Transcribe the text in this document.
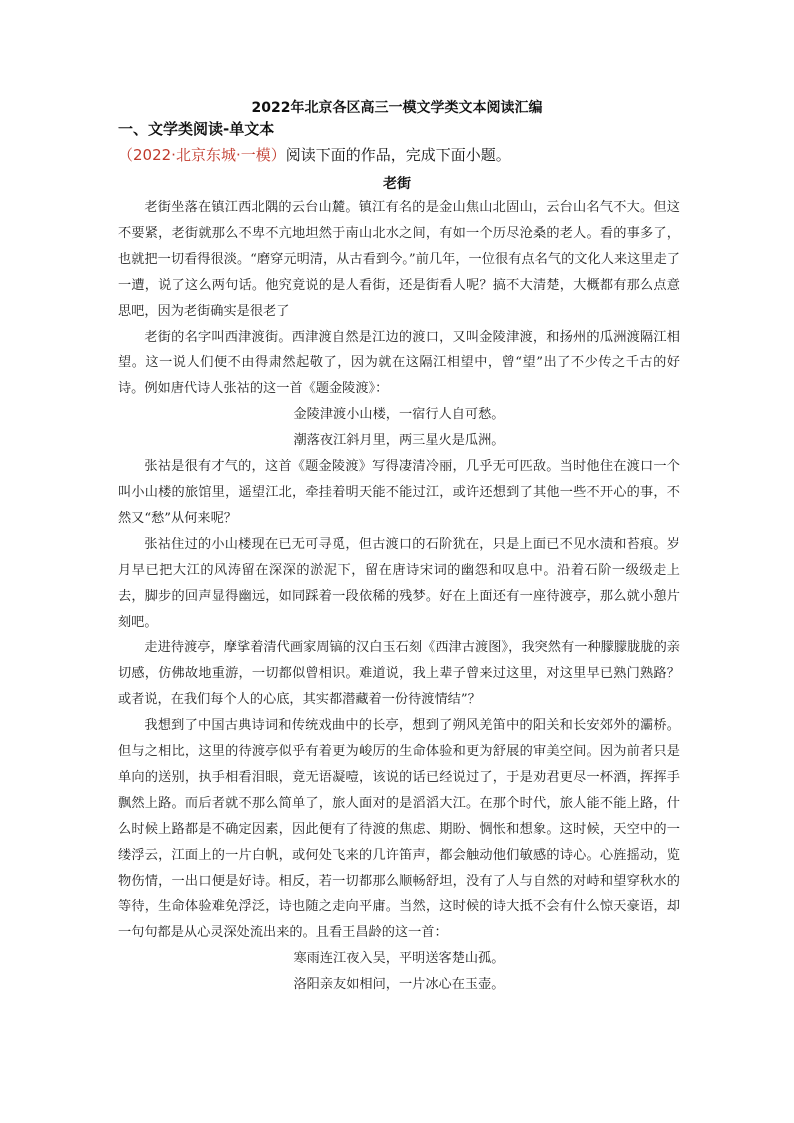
2022年北京各区高三一模文学类文本阅读汇编
一、文学类阅读-单文本
（2022·北京东城·一模）阅读下面的作品，完成下面小题。
老街

老街坐落在镇江西北隅的云台山麓。镇江有名的是金山焦山北固山，云台山名气不大。但这不要紧，老街就那么不卑不亢地坦然于南山北水之间，有如一个历尽沧桑的老人。看的事多了，也就把一切看得很淡。“磨穿元明清，从古看到今。”前几年，一位很有点名气的文化人来这里走了一遭，说了这么两句话。他究竟说的是人看街，还是街看人呢？搞不大清楚，大概都有那么点意思吧，因为老街确实是很老了

老街的名字叫西津渡街。西津渡自然是江边的渡口，又叫金陵津渡，和扬州的瓜洲渡隔江相望。这一说人们便不由得肃然起敬了，因为就在这隔江相望中，曾“望”出了不少传之千古的好诗。例如唐代诗人张祜的这一首《题金陵渡》：

金陵津渡小山楼，一宿行人自可愁。

潮落夜江斜月里，两三星火是瓜洲。

张祜是很有才气的，这首《题金陵渡》写得凄清冷丽，几乎无可匹敌。当时他住在渡口一个叫小山楼的旅馆里，遥望江北，牵挂着明天能不能过江，或许还想到了其他一些不开心的事，不然又“愁”从何来呢？

张祜住过的小山楼现在已无可寻觅，但古渡口的石阶犹在，只是上面已不见水渍和苔痕。岁月早已把大江的风涛留在深深的淤泥下，留在唐诗宋词的幽怨和叹息中。沿着石阶一级级走上去，脚步的回声显得幽远，如同踩着一段依稀的残梦。好在上面还有一座待渡亭，那么就小憩片刻吧。

走进待渡亭，摩挲着清代画家周镐的汉白玉石刻《西津古渡图》，我突然有一种朦朦胧胧的亲切感，仿佛故地重游，一切都似曾相识。难道说，我上辈子曾来过这里，对这里早已熟门熟路？或者说，在我们每个人的心底，其实都潜藏着一份待渡情结”？

我想到了中国古典诗词和传统戏曲中的长亭，想到了朔风羌笛中的阳关和长安郊外的灞桥。但与之相比，这里的待渡亭似乎有着更为峻厉的生命体验和更为舒展的审美空间。因为前者只是单向的送别，执手相看泪眼，竟无语凝噎，该说的话已经说过了，于是劝君更尽一杯酒，挥挥手飘然上路。而后者就不那么简单了，旅人面对的是滔滔大江。在那个时代，旅人能不能上路，什么时候上路都是不确定因素，因此便有了待渡的焦虑、期盼、惆怅和想象。这时候，天空中的一缕浮云，江面上的一片白帆，或何处飞来的几许笛声，都会触动他们敏感的诗心。心旌摇动，览物伤情，一出口便是好诗。相反，若一切都那么顺畅舒坦，没有了人与自然的对峙和望穿秋水的等待，生命体验难免浮泛，诗也随之走向平庸。当然，这时候的诗大抵不会有什么惊天豪语，却一句句都是从心灵深处流出来的。且看王昌龄的这一首：

寒雨连江夜入吴，平明送客楚山孤。

洛阳亲友如相问，一片冰心在玉壶。
